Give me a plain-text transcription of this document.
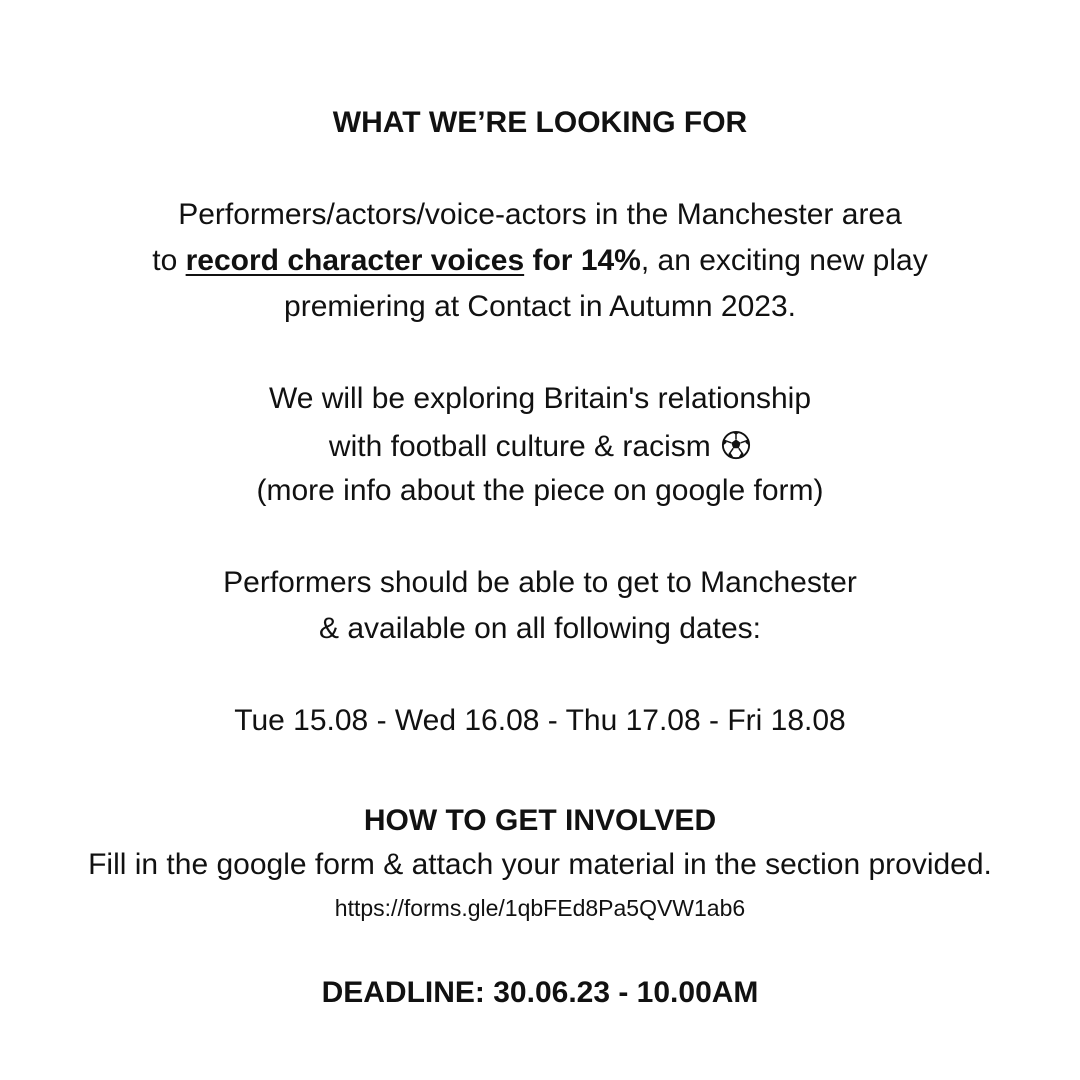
WHAT WE’RE LOOKING FOR
Performers/actors/voice-actors in the Manchester area
to record character voices for 14%, an exciting new play
premiering at Contact in Autumn 2023.
We will be exploring Britain's relationship
with football culture & racism
(more info about the piece on google form)
Performers should be able to get to Manchester
& available on all following dates:
Tue 15.08 - Wed 16.08 - Thu 17.08 - Fri 18.08
HOW TO GET INVOLVED
Fill in the google form & attach your material in the section provided.
https://forms.gle/1qbFEd8Pa5QVW1ab6
DEADLINE: 30.06.23 - 10.00AM
